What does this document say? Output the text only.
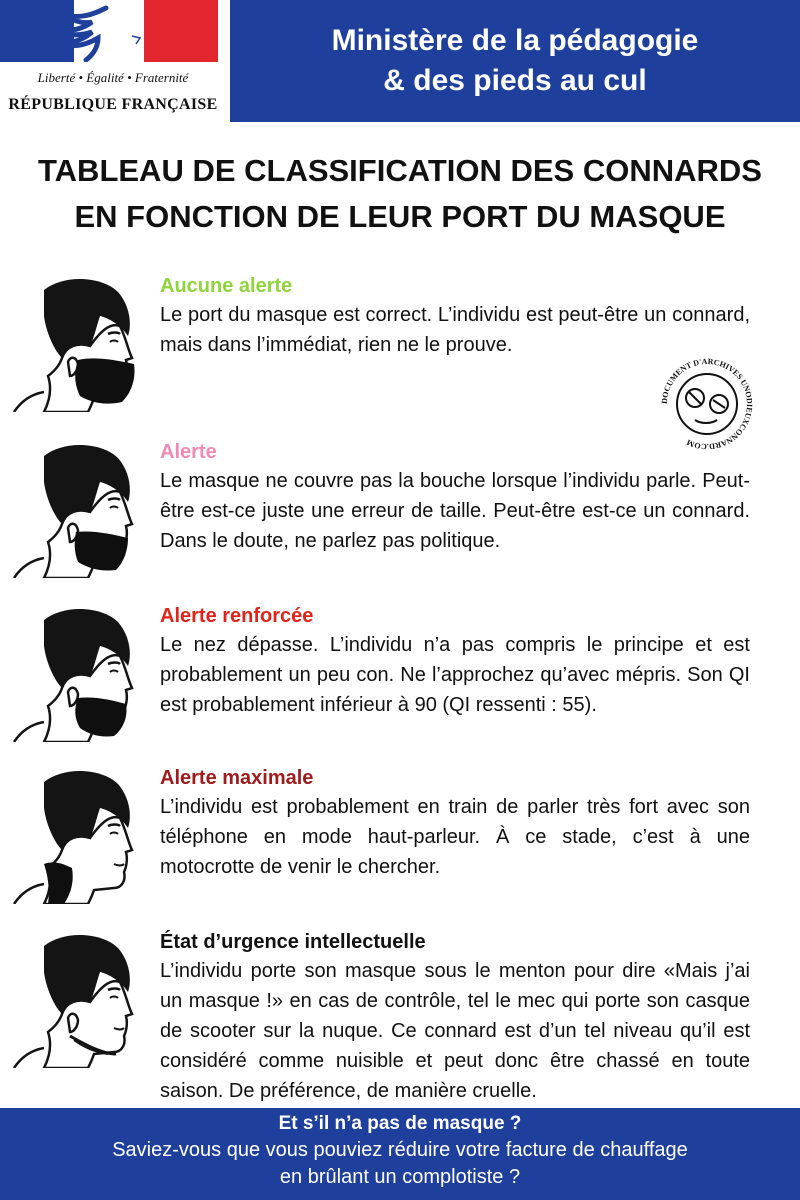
Liberté • Égalité • Fraternité
RÉPUBLIQUE FRANÇAISE
Ministère de la pédagogie
& des pieds au cul
TABLEAU DE CLASSIFICATION DES CONNARDS
EN FONCTION DE LEUR PORT DU MASQUE
Aucune alerte
Le port du masque est correct. L’individu est peut-être un connard, mais dans l’immédiat, rien ne le prouve.
Alerte
Le masque ne couvre pas la bouche lorsque l’individu parle. Peut-être est-ce juste une erreur de taille. Peut-être est-ce un connard. Dans le doute, ne parlez pas politique.
Alerte renforcée
Le nez dépasse. L’individu n’a pas compris le principe et est probablement un peu con. Ne l’approchez qu’avec mépris. Son QI est probablement inférieur à 90 (QI ressenti : 55).
Alerte maximale
L’individu est probablement en train de parler très fort avec son téléphone en mode haut-parleur. À ce stade, c’est à une motocrotte de venir le chercher.
État d’urgence intellectuelle
L’individu porte son masque sous le menton pour dire «Mais j’ai un masque !» en cas de contrôle, tel le mec qui porte son casque de scooter sur la nuque. Ce connard est d’un tel niveau qu’il est considéré comme nuisible et peut donc être chassé en toute saison. De préférence, de manière cruelle.
DOCUMENT D'ARCHIVES UNODIEUXCONNARD.COM
Et s’il n’a pas de masque ?
Saviez-vous que vous pouviez réduire votre facture de chauffage
en brûlant un complotiste ?
